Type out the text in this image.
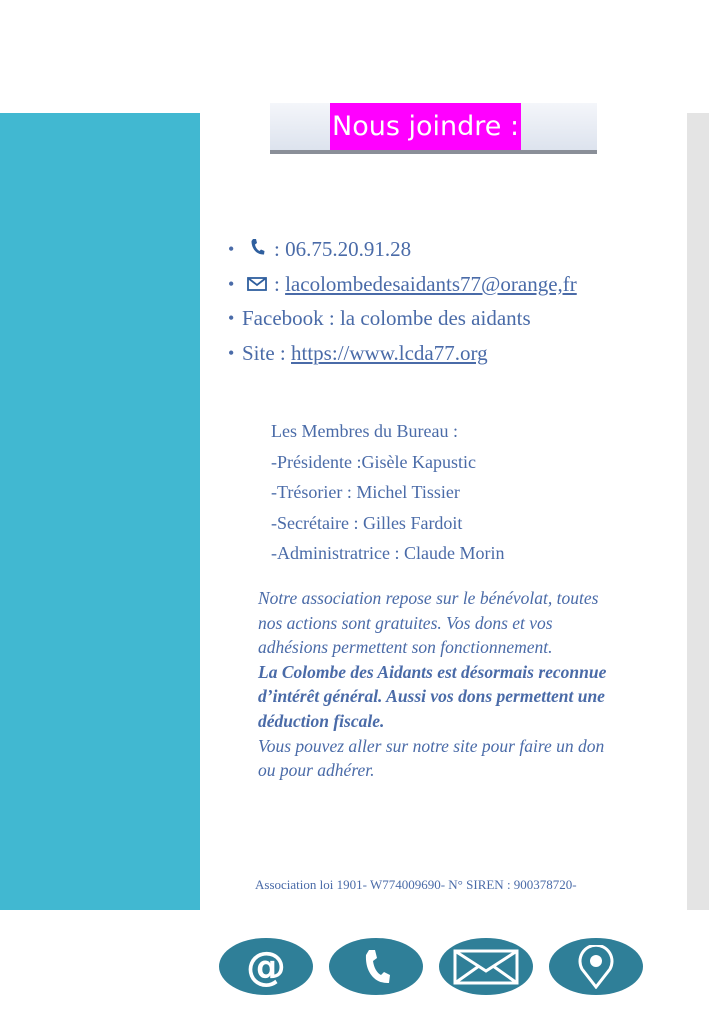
Nous joindre :
•	: 06.75.20.91.28
•	:
lacolombedesaidants77@orange,fr
• Facebook : la colombe des aidants
• Site :
https://www.lcda77.org
Les Membres du Bureau :
-Présidente :Gisèle Kapustic
-Trésorier : Michel Tissier
-Secrétaire : Gilles Fardoit
-Administratrice : Claude Morin
Notre association repose sur le bénévolat, toutes nos actions sont gratuites. Vos dons et vos adhésions permettent son fonctionnement.
La Colombe des Aidants est désormais reconnue d’intérêt général. Aussi vos dons permettent une déduction fiscale.
Vous pouvez aller sur notre site pour faire un don ou pour adhérer.
Association loi 1901- W774009690- N° SIREN : 900378720-
@
